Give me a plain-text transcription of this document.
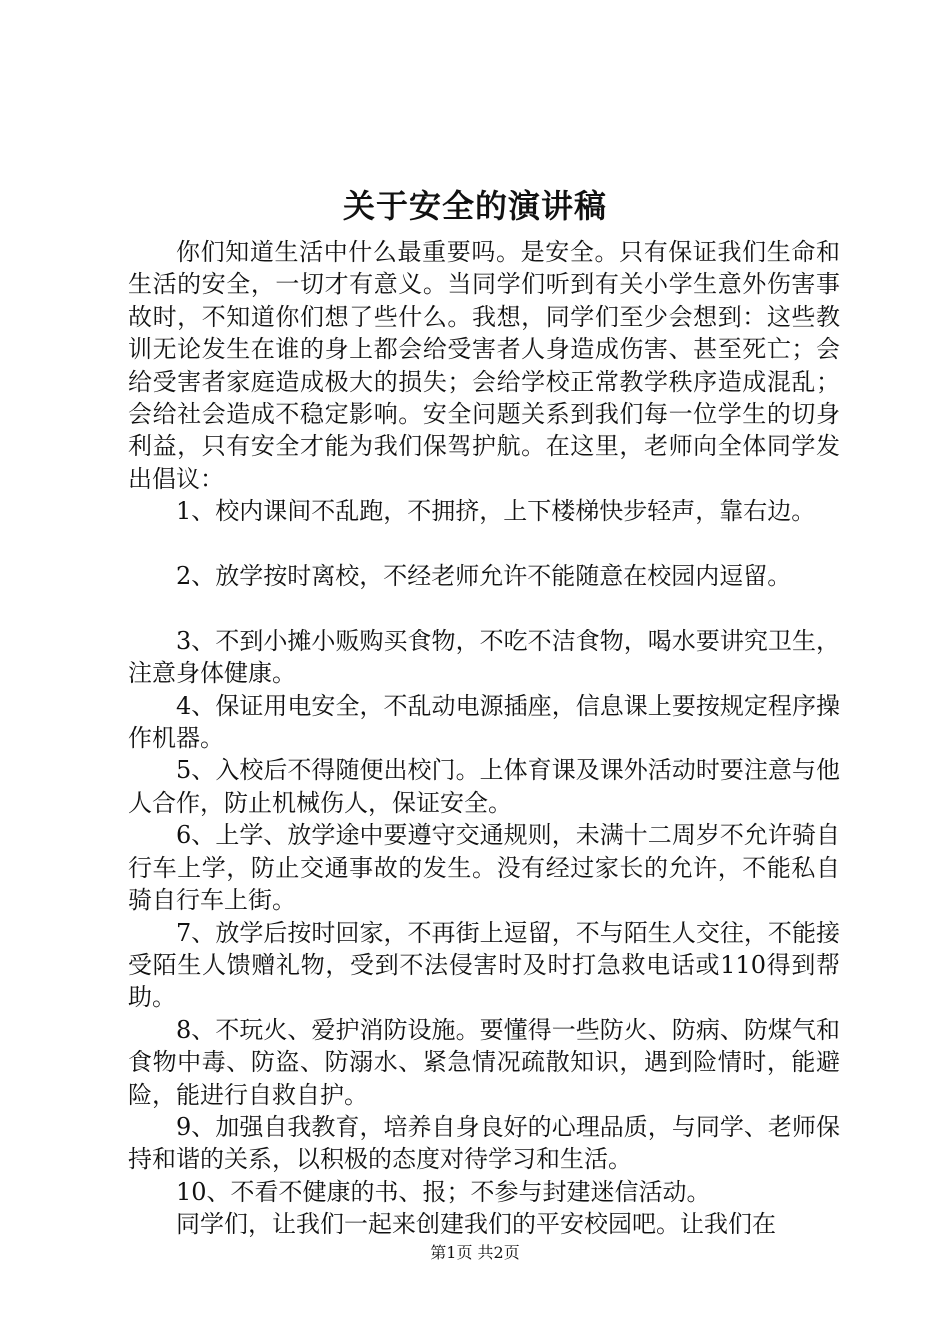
关于安全的演讲稿

你们知道生活中什么最重要吗。是安全。只有保证我们生命和生活的安全，一切才有意义。当同学们听到有关小学生意外伤害事故时，不知道你们想了些什么。我想，同学们至少会想到：这些教训无论发生在谁的身上都会给受害者人身造成伤害、甚至死亡；会给受害者家庭造成极大的损失；会给学校正常教学秩序造成混乱；会给社会造成不稳定影响。安全问题关系到我们每一位学生的切身利益，只有安全才能为我们保驾护航。在这里，老师向全体同学发出倡议：

1、校内课间不乱跑，不拥挤，上下楼梯快步轻声，靠右边。

2、放学按时离校，不经老师允许不能随意在校园内逗留。

3、不到小摊小贩购买食物，不吃不洁食物，喝水要讲究卫生，注意身体健康。

4、保证用电安全，不乱动电源插座，信息课上要按规定程序操作机器。

5、入校后不得随便出校门。上体育课及课外活动时要注意与他人合作，防止机械伤人，保证安全。

6、上学、放学途中要遵守交通规则，未满十二周岁不允许骑自行车上学，防止交通事故的发生。没有经过家长的允许，不能私自骑自行车上街。

7、放学后按时回家，不再街上逗留，不与陌生人交往，不能接受陌生人馈赠礼物，受到不法侵害时及时打急救电话或110得到帮助。

8、不玩火、爱护消防设施。要懂得一些防火、防病、防煤气和食物中毒、防盗、防溺水、紧急情况疏散知识，遇到险情时，能避险，能进行自救自护。

9、加强自我教育，培养自身良好的心理品质，与同学、老师保持和谐的关系，以积极的态度对待学习和生活。

10、不看不健康的书、报；不参与封建迷信活动。

同学们，让我们一起来创建我们的平安校园吧。让我们在

第1页 共2页
